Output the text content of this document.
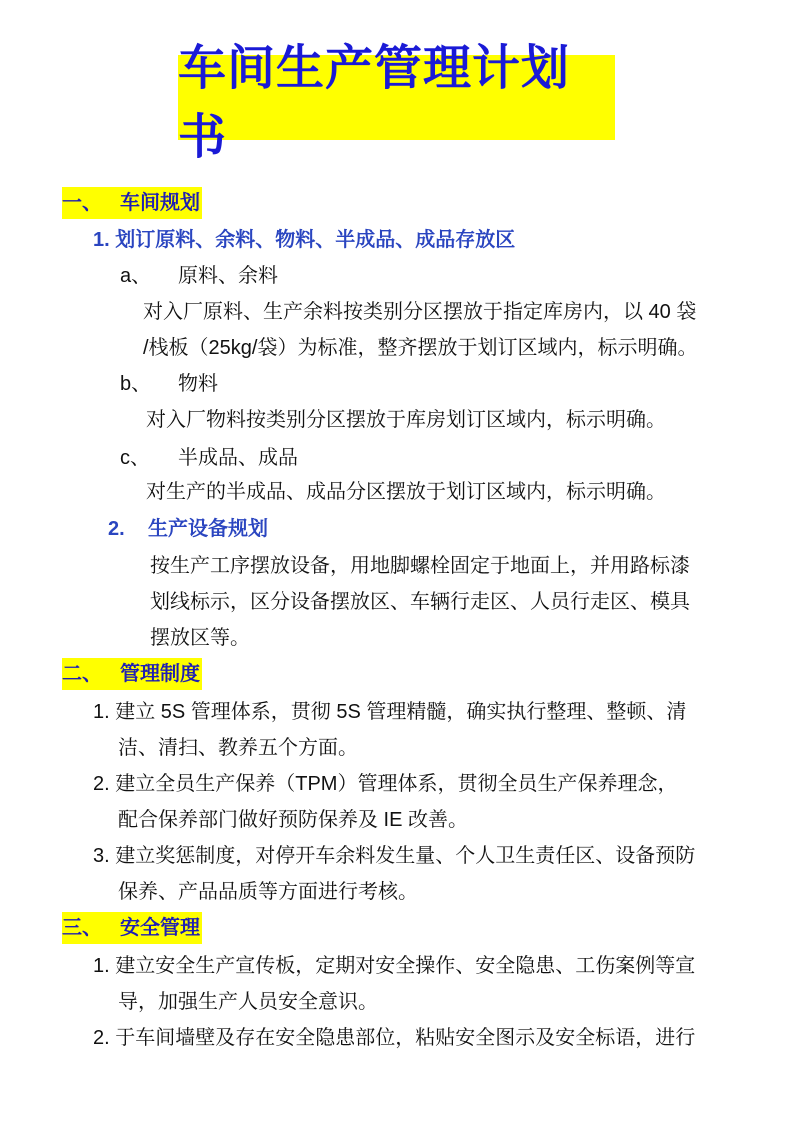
车间生产管理计划书
一、 车间规划
1. 划订原料、余料、物料、半成品、成品存放区
a、 原料、余料
对入厂原料、生产余料按类别分区摆放于指定库房内，以 40 袋
/栈板（25kg/袋）为标准，整齐摆放于划订区域内，标示明确。
b、 物料
对入厂物料按类别分区摆放于库房划订区域内，标示明确。
c、 半成品、成品
对生产的半成品、成品分区摆放于划订区域内，标示明确。
2. 生产设备规划
按生产工序摆放设备，用地脚螺栓固定于地面上，并用路标漆
划线标示，区分设备摆放区、车辆行走区、人员行走区、模具
摆放区等。
二、 管理制度
1. 建立 5S 管理体系，贯彻 5S 管理精髓，确实执行整理、整顿、清
洁、清扫、教养五个方面。
2. 建立全员生产保养（TPM）管理体系，贯彻全员生产保养理念，
配合保养部门做好预防保养及 IE 改善。
3. 建立奖惩制度，对停开车余料发生量、个人卫生责任区、设备预防
保养、产品品质等方面进行考核。
三、 安全管理
1. 建立安全生产宣传板，定期对安全操作、安全隐患、工伤案例等宣
导，加强生产人员安全意识。
2. 于车间墙壁及存在安全隐患部位，粘贴安全图示及安全标语，进行
